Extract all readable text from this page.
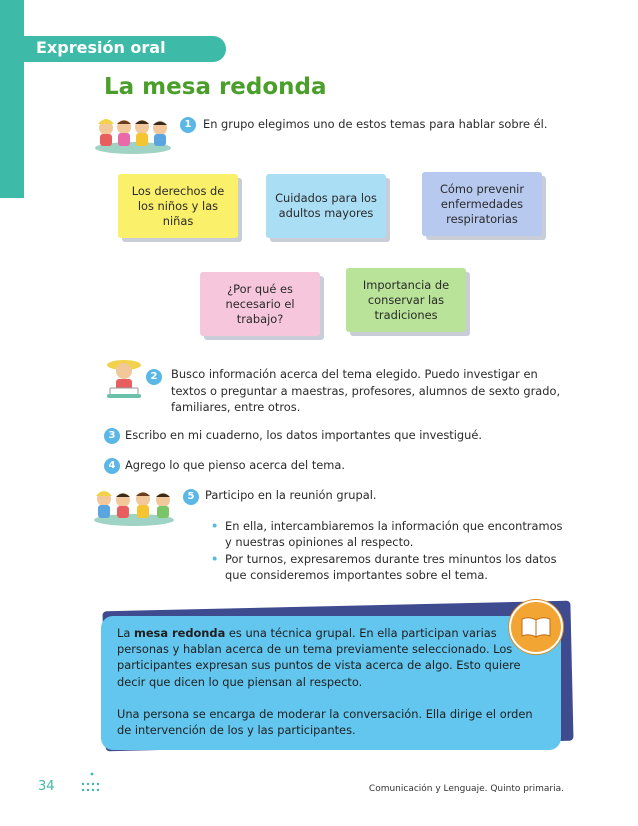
Expresión oral
La mesa redonda
1	En grupo elegimos uno de estos temas para hablar sobre él.
Los derechos de los niños y las niñas
Cuidados para los adultos mayores
Cómo prevenir enfermedades respiratorias
¿Por qué es necesario el trabajo?
Importancia de conservar las tradiciones
2	Busco información acerca del tema elegido. Puedo investigar en textos o preguntar a maestras, profesores, alumnos de sexto grado, familiares, entre otros.
3 Escribo en mi cuaderno, los datos importantes que investigué.
4 Agrego lo que pienso acerca del tema.
5 Participo en la reunión grupal.
• En ella, intercambiaremos la información que encontramos y nuestras opiniones al respecto.
• Por turnos, expresaremos durante tres minuntos los datos que consideremos importantes sobre el tema.

La mesa redonda es una técnica grupal. En ella participan varias personas y hablan acerca de un tema previamente seleccionado. Los participantes expresan sus puntos de vista acerca de algo. Esto quiere decir que dicen lo que piensan al respecto.

Una persona se encarga de moderar la conversación. Ella dirige el orden de intervención de los y las participantes.

34	Comunicación y Lenguaje. Quinto primaria.
